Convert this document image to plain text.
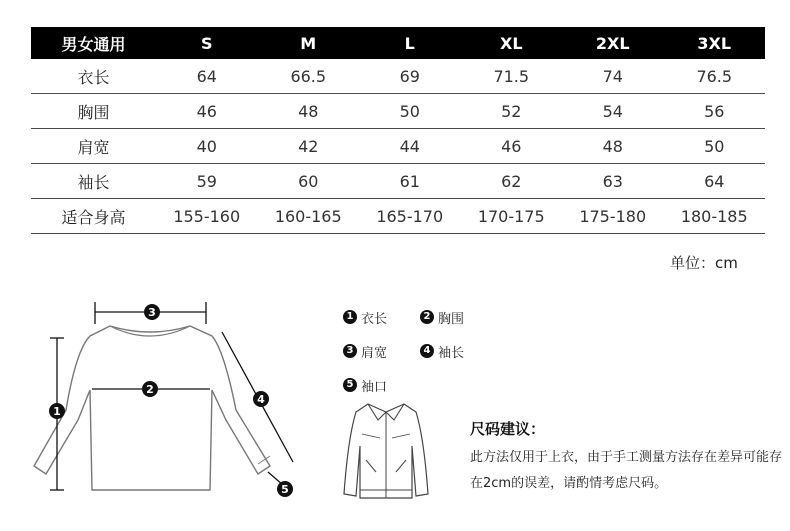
男女通用	S	M	L	XL	2XL	3XL
衣长	64	66.5	69	71.5	74	76.5
胸围	46	48	50	52	54	56
肩宽	40	42	44	46	48	50
袖长	59	60	61	62	63	64
适合身高	155-160	160-165	165-170	170-175	175-180	180-185
单位：cm
1
2
3
4
5
1 衣长	2 胸围
3 肩宽	4 袖长
5 袖口
尺码建议：
此方法仅用于上衣，由于手工测量方法存在差异可能存在2cm的误差，请酌情考虑尺码。
